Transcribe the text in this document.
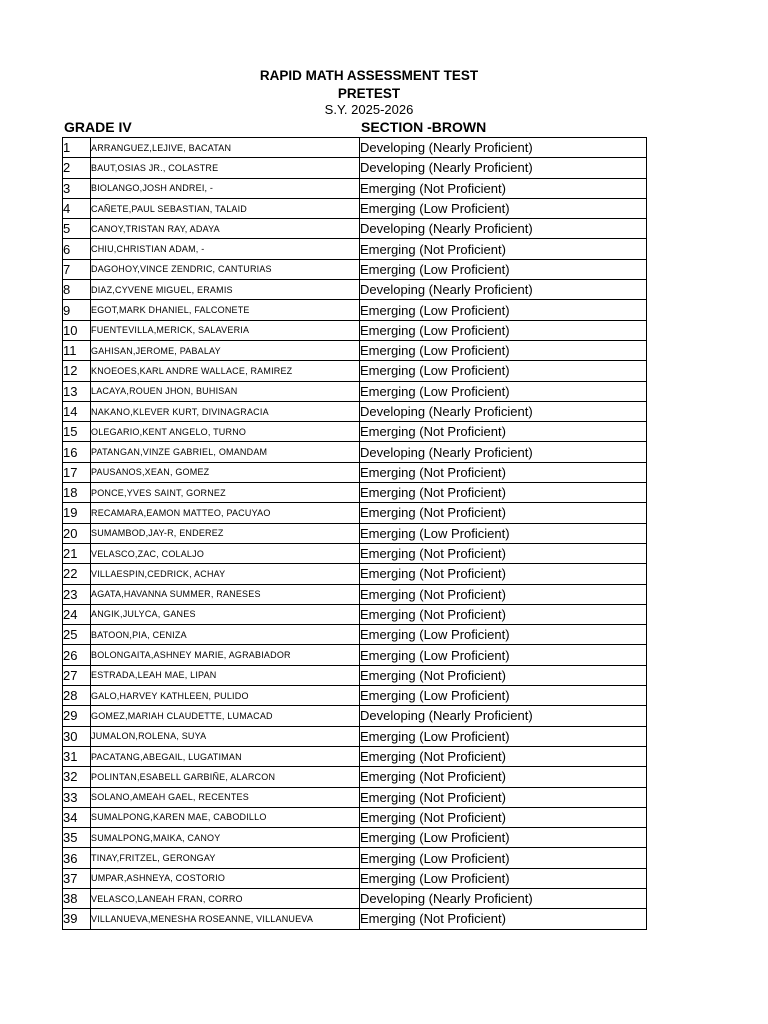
RAPID MATH ASSESSMENT TEST
PRETEST
S.Y. 2025-2026
GRADE IV	SECTION -BROWN
1	ARRANGUEZ,LEJIVE, BACATAN	Developing (Nearly Proficient)
2	BAUT,OSIAS JR., COLASTRE	Developing (Nearly Proficient)
3	BIOLANGO,JOSH ANDREI, -	Emerging (Not Proficient)
4	CAÑETE,PAUL SEBASTIAN, TALAID	Emerging (Low Proficient)
5	CANOY,TRISTAN RAY, ADAYA	Developing (Nearly Proficient)
6	CHIU,CHRISTIAN ADAM, -	Emerging (Not Proficient)
7	DAGOHOY,VINCE ZENDRIC, CANTURIAS	Emerging (Low Proficient)
8	DIAZ,CYVENE MIGUEL, ERAMIS	Developing (Nearly Proficient)
9	EGOT,MARK DHANIEL, FALCONETE	Emerging (Low Proficient)
10	FUENTEVILLA,MERICK, SALAVERIA	Emerging (Low Proficient)
11	GAHISAN,JEROME, PABALAY	Emerging (Low Proficient)
12	KNOEOES,KARL ANDRE WALLACE, RAMIREZ	Emerging (Low Proficient)
13	LACAYA,ROUEN JHON, BUHISAN	Emerging (Low Proficient)
14	NAKANO,KLEVER KURT, DIVINAGRACIA	Developing (Nearly Proficient)
15	OLEGARIO,KENT ANGELO, TURNO	Emerging (Not Proficient)
16	PATANGAN,VINZE GABRIEL, OMANDAM	Developing (Nearly Proficient)
17	PAUSANOS,XEAN, GOMEZ	Emerging (Not Proficient)
18	PONCE,YVES SAINT, GORNEZ	Emerging (Not Proficient)
19	RECAMARA,EAMON MATTEO, PACUYAO	Emerging (Not Proficient)
20	SUMAMBOD,JAY-R, ENDEREZ	Emerging (Low Proficient)
21	VELASCO,ZAC, COLALJO	Emerging (Not Proficient)
22	VILLAESPIN,CEDRICK, ACHAY	Emerging (Not Proficient)
23	AGATA,HAVANNA SUMMER, RANESES	Emerging (Not Proficient)
24	ANGIK,JULYCA, GANES	Emerging (Not Proficient)
25	BATOON,PIA, CENIZA	Emerging (Low Proficient)
26	BOLONGAITA,ASHNEY MARIE, AGRABIADOR	Emerging (Low Proficient)
27	ESTRADA,LEAH MAE, LIPAN	Emerging (Not Proficient)
28	GALO,HARVEY KATHLEEN, PULIDO	Emerging (Low Proficient)
29	GOMEZ,MARIAH CLAUDETTE, LUMACAD	Developing (Nearly Proficient)
30	JUMALON,ROLENA, SUYA	Emerging (Low Proficient)
31	PACATANG,ABEGAIL, LUGATIMAN	Emerging (Not Proficient)
32	POLINTAN,ESABELL GARBIÑE, ALARCON	Emerging (Not Proficient)
33	SOLANO,AMEAH GAEL, RECENTES	Emerging (Not Proficient)
34	SUMALPONG,KAREN MAE, CABODILLO	Emerging (Not Proficient)
35	SUMALPONG,MAIKA, CANOY	Emerging (Low Proficient)
36	TINAY,FRITZEL, GERONGAY	Emerging (Low Proficient)
37	UMPAR,ASHNEYA, COSTORIO	Emerging (Low Proficient)
38	VELASCO,LANEAH FRAN, CORRO	Developing (Nearly Proficient)
39	VILLANUEVA,MENESHA ROSEANNE, VILLANUEVA	Emerging (Not Proficient)
